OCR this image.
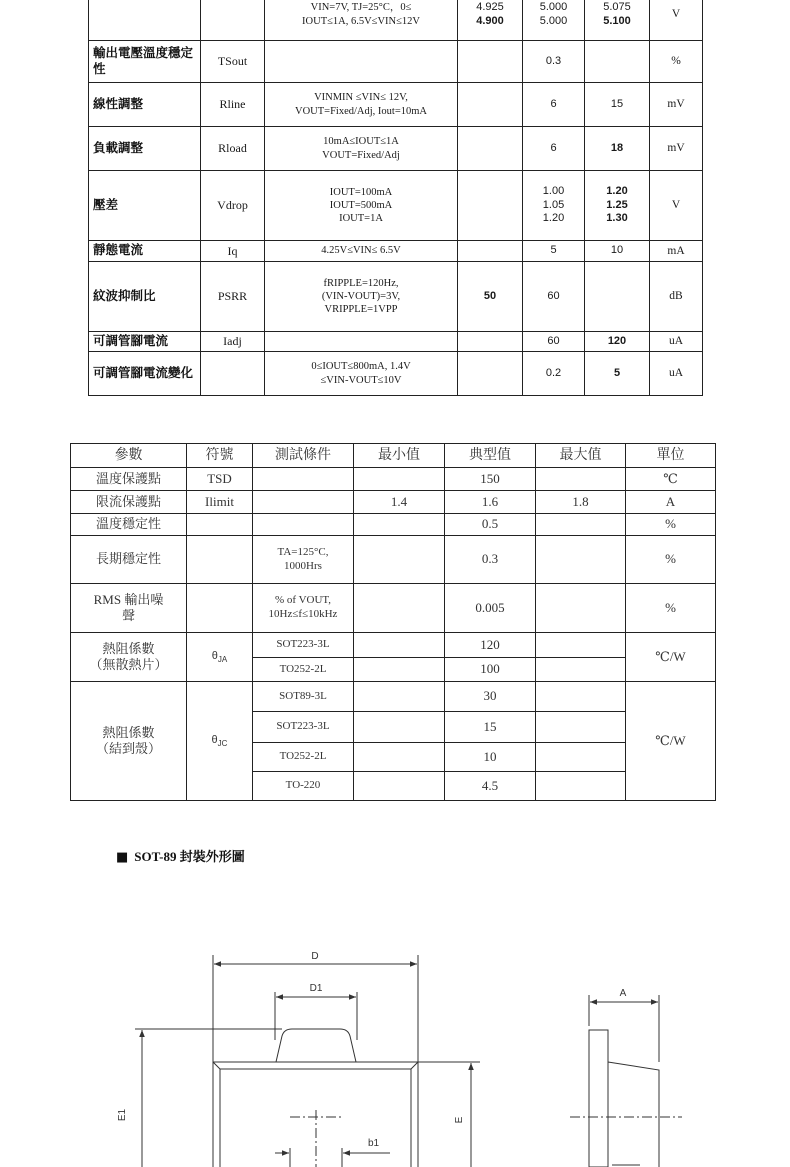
		VIN=7V, TJ=25°C，0≤
IOUT≤1A, 6.5V≤VIN≤12V	4.925
4.900	5.000
5.000	5.075
5.100	V
輸出電壓溫度穩定性	TSout			0.3		%
線性調整	Rline	VINMIN ≤VIN≤ 12V,
VOUT=Fixed/Adj, Iout=10mA		6	15	mV
負載調整	Rload	10mA≤IOUT≤1A
VOUT=Fixed/Adj		6	18	mV
壓差	Vdrop	IOUT=100mA
IOUT=500mA
IOUT=1A		1.00
1.05
1.20	1.20
1.25
1.30	V
靜態電流	Iq	4.25V≤VIN≤ 6.5V		5	10	mA
紋波抑制比	PSRR	fRIPPLE=120Hz,
(VIN-VOUT)=3V,
VRIPPLE=1VPP	50	60		dB
可調管腳電流	Iadj			60	120	uA
可調管腳電流變化		0≤IOUT≤800mA, 1.4V
≤VIN-VOUT≤10V		0.2	5	uA
參數	符號	測試條件	最小值	典型值	最大值	單位
溫度保護點	TSD			150		℃
限流保護點	Ilimit		1.4	1.6	1.8	A
溫度穩定性				0.5		%
長期穩定性		TA=125°C,
1000Hrs		0.3		%

RMS 輸出噪
聲		% of VOUT,
10Hz≤f≤10kHz		0.005		%

熱阻係數
（無散熱片）	$\theta_{JA}$	SOT223-3L		120		℃/W
		TO252-2L		100		

熱阻係數
（結到殼）	$\theta_{JC}$	SOT89-3L		30		℃/W
		SOT223-3L		15		
		TO252-2L		10		
		TO-220		4.5		
■ SOT-89 封裝外形圖
D
D1
E1	E
b1
A
